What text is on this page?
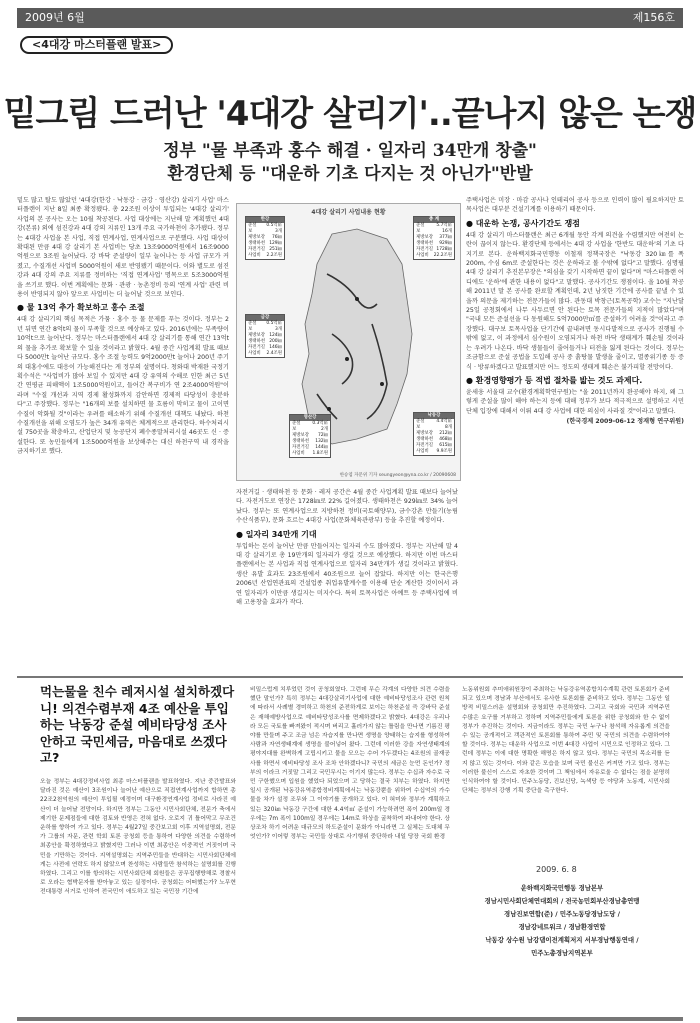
2009년 6월	제156호
<4대강 마스터플랜 발표>
밑그림 드러난 '4대강 살리기'..끝나지 않은 논쟁
정부 "물 부족과 홍수 해결 · 일자리 34만개 창출"
환경단체 등 "대운하 기초 다지는 것 아닌가"반발

밑도 많고 탈도 많았던 '4대강(한강 · 낙동강 · 금강 · 영산강) 살리기 사업' 마스터플랜이 지난 8일 최종 확정됐다. 총 22조원 이상이 투입되는 '4대강 살리기' 사업의 본 공사는 오는 10월 착공된다. 사업 대상에는 지난해 말 계획했던 4대 강(본류) 외에 섬진강과 4대 강의 지류인 13개 주요 국가하천이 추가됐다. 정부는 4대강 사업을 본 사업, 직접 연계사업, 연계사업으로 구분했다. 사업 대상이 확대된 만큼 4대 강 살리기 본 사업비는 당초 13조9000억원에서 16조9000억원으로 3조원 늘어났다. 강 바닥 준설량이 일부 늘어나는 등 사업 규모가 커졌고, 수질개선 사업비 5000억원이 새로 반영됐기 때문이다. 이와 별도로 섬진강과 4대 강의 주요 지류를 정비하는 '직접 연계사업' 명목으로 5조3000억원을 쓰기로 했다. 이번 계획에는 문화 · 관광 · 농촌정비 등의 '연계 사업' 관련 비용이 반영되지 않아 앞으로 사업비는 더 늘어날 것으로 보인다.

● 물 13억 추가 확보하고 홍수 조절

4대 강 살리기의 핵심 목적은 가뭄 · 홍수 등 물 문제를 푸는 것이다. 정부는 2년 뒤면 연간 8억t의 물이 부족할 것으로 예상하고 있다. 2016년에는 부족량이 10억t으로 늘어난다. 정부는 마스터플랜에서 4대 강 살리기를 통해 연간 13억t의 물을 추가로 확보할 수 있을 것이라고 밝혔다. 4월 중간 사업계획 발표 때보다 5000만t 늘어난 규모다. 홍수 조절 능력도 9억2000만t 늘어나 200년 주기의 대홍수에도 대응이 가능해진다는 게 정부의 설명이다. 청와대 박재완 국정기획수석은 "사업비가 많아 보일 수 있지만 4대 강 유역의 수해로 인한 최근 5년간 연평균 피해액이 1조5000억원이고, 들어간 복구비가 연 2조4000억원"이라며 "수질 개선과 지역 경제 활성화까지 감안하면 경제적 타당성이 충분하다"고 주장했다. 정부는 "16개의 보를 설치하면 물 흐름이 막히고 물이 고이면 수질이 악화될 것"이라는 우려를 해소하기 위해 수질개선 대책도 내놨다. 하천 수질개선을 위해 오염도가 높은 34개 유역은 체계적으로 관리한다. 하수처리시설 750곳을 확충하고, 산업단지 및 농공단지 폐수종말처리시설 46곳도 신 · 증설한다. 또 농민들에게 1조5000억원을 보상해주는 대신 하천구역 내 경작을 금지하기로 했다.

4대강 살리기 사업내용 현황
한강
준설 0.5억㎥
보	3개
제방보강 76㎞
생태하천 129㎞
자전거길 251㎞
사업비 2.2조원
총 계
준설	5.7억㎥
보	16개
제방보강 377㎞
생태하천 929㎞
자전거길 1728㎞
사업비 22.2조원
금강
준설 0.5억㎥
보	3개
제방보강 124㎞
생태하천 200㎞
자전거길 146㎞
사업비 2.4조원
영산강
준설	0.3억㎥
보	2개
제방보강 72㎞
생태하천 132㎞
자전거길 144㎞
사업비 1.8조원
낙동강
준설	4.4억㎥
보	8개
제방보강 212㎞
생태하천 468㎞
자전거길 615㎞
사업비 9.9조원
한승엽 자문위 기자 seungyeon@yna.co.kr / 20090608

자전거길 · 생태하천 등 문화 · 레저 공간은 4월 중간 사업계획 발표 때보다 늘어났다. 자전거도로 연장은 1728㎞로 22% 길어졌다. 생태하천은 929㎞로 34% 늘어났다. 정부는 또 연계사업으로 지방하천 정비(국토해양부), 금수강촌 만들기(농림수산식품부), 문화 흐르는 4대강 사업(문화체육관광부) 등을 추진할 예정이다.

● 일자리 34만개 기대

투입하는 돈이 늘어난 만큼 만들어지는 일자리 수도 많아졌다. 정부는 지난해 말 4대 강 살리기로 총 19만개의 일자리가 생길 것으로 예상했다. 하지만 이번 마스터플랜에서는 본 사업과 직접 연계사업으로 일자리 34만개가 생길 것이라고 밝혔다. 생산 유발 효과도 23조원에서 40조원으로 늘어 잡았다. 하지만 이는 한국은행 2006년 산업연관표의 건설업종 취업유발계수를 이용해 단순 계산한 것이어서 과연 일자리가 이만큼 생길지는 미지수다. 특히 토목사업은 아예트 등 주택사업에 비해 고용창출 효과가 작다.

주택사업은 미장 · 마감 공사나 인테리어 공사 등으로 인력이 많이 필요하지만 토목사업은 대부분 건설기계를 이용하기 때문이다.

● 대운하 논쟁, 공사기간도 쟁점

4대 강 살리기 마스터플랜은 최근 6개월 동안 각계 의견을 수렴했지만 여전히 논란이 끊이지 않는다. 환경단체 등에서는 4대 강 사업을 '한반도 대운하'의 기초 다지기로 본다. 운하백지화국민행동 이철재 정책국장은 "낙동강 320㎞를 폭 200m, 수심 6m로 준설한다는 것은 운하라고 볼 수밖에 없다"고 말했다. 심명필 4대 강 살리기 추진본부장은 "의심을 갖기 시작하면 끝이 없다"며 "마스터플랜 어디에도 '운하'에 관한 내용이 없다"고 말했다. 공사기간도 쟁점이다. 올 10월 착공해 2011년 말 본 공사를 완료할 계획인데, 2년 남짓한 기간에 공사를 끝낼 수 있을까 의문을 제기하는 전문가들이 많다. 관동대 박창근(토목공학) 교수는 "지난달 25일 공청회에서 나무 사두르면 안 된다는 토목 전문가들의 지적이 많았다"며 "국내 모든 준설선을 다 동원해도 5억7000만㎥를 준설하기 어려울 것"이라고 주장했다. 대구보 토목사업을 단기간에 끝내려면 동시다발적으로 공사가 진행될 수밖에 없고, 이 과정에서 심수원이 오염되거나 하천 바닥 생태계가 훼손될 것이라는 우려가 나온다. 바닥 생물들이 줄어들거나 터전을 잃게 된다는 것이다. 정부는 조금함으로 준설 공법을 도입해 공사 중 흙탕물 발생을 줄이고, 멸종위기종 등 증식 · 방류하겠다고 발표했지만 어느 정도의 생태계 훼손은 불가피할 전망이다.

● 환경영향평가 등 적법 절차를 밟는 것도 과제다.

윤세웅 서울대 교수(환경계획학연구원)는 "올 2011년까지 완공해야 하지, 왜 그렇게 준설을 많이 해야 하는지 등에 대해 정부가 보다 적극적으로 설명하고 시민단체 입장에 대해서 이뤄 4대 강 사업에 대한 의심이 사라질 것"이라고 말했다.

(한국경제 2009-06-12 정재형 연구위원)

먹는물을 친수 레저시설 설치하겠다니! 의견수렴부재 4조 예산을 투입하는 낙동강 준설 예비타당성 조사 안하고 국민세금, 마음대로 쓰겠다고?

오늘 정부는 4대강정비사업 최종 마스터플랜을 발표하였다. 지난 중간발표와 달라진 것은 예산이 3조원이나 늘어난 예산으로 직접연계사업까지 합하면 총 22조2천억원의 예산이 투입될 예정이며 대구환경연계사업 정비로 사라진 예산이 더 늘어날 전망이다. 하지만 정부는 그동안 시민사회단체, 전문가 축에서 제기한 문제점들에 대한 검토와 반영은 전혀 없다. 오로지 귀 틀어막고 무조건 운하를 향하여 가고 있다. 정부는 4월27일 중간보고회 이후 지역설명회, 전문가 그룹의 자문, 관련 학회 토론 공청회 등을 통하여 다양한 의견을 수렴하여 최종안을 확정하였다고 밝혔지만 그러나 이번 최종안은 이중적인 거짓이며 국민을 기만하는 것이다. 지역설명회는 지역주민들을 반대하는 시민사회단체에게는 사전에 연락도 하지 않았으며 찬성하는 사람들만 참석하는 설명회를 진행하였다. 그리고 이를 항의하는 시민사회단체 회원들은 공무집행방해로 경찰서로 오라는 협박문자를 받아놓고 있는 실정이다. 공청회는 어떠했는가? 노무현 전대통령 서거로 인하여 전국민이 애도하고 있는 국민장 기간에

비밀스럽게 치루었던 것이 공청회였다. 그런데 무슨 각계의 다양한 의견 수렴을 했단 말인가? 특히 정부는 4대강살리기사업에 대한 예비타당성조사 관련 원칙에 따라서 사례별 경미하고 하천의 준전하게로 보이는 하천준설 즉 강바닥 준설은 재해예방사업으로 예비타당성조사를 면제하겠다고 밝혔다. 4대강은 우리나라 모든 국토를 빠져왔이 적시며 버리고 흘러가지 않는 틀림을 만나면 기름진 평야를 만들며 주고 조금 넘은 자습지를 만나면 생명을 양태하는 습지를 형성하여 사람과 자연생태계에 생명을 불어넣어 왔다. 그런데 이러한 강을 자연생태계의 평야지대를 완벽하게 고립시키고 물을 모으는 수어 가두겠다는 4조원의 골재공사를 하면서 예비타당성 조사 조차 안하겠다니? 국민의 세금은 눈먼 돈인가? 정부의 이라크 거짓말 그리고 국민무시는 이기지 많는다. 정부는 수십과 자수로 국민 구한했으며 입원을 했었다 되었으며 고 당하는 결국 치부는 하였다. 하지만 일시 공개된 낙동강유역종합정비계획에서는 낙동강뿐을 위하여 수십억의 가수물을 차가 설정 조무와 그 이야기를 공개하고 있다. 이 혀미와 정부가 계획하고 있는 320㎞ 낙동강 구간에 대한 4.4억㎥ 준설이 가능하려면 폭이 200m일 경우에는 7m 폭이 100m일 경우에는 14m로 하상을 굴착하여 파내어야 한다. 상상조차 하기 어려운 대규모의 하도준설이 문화가 아니라면 그 실체는 도대체 무엇인가? 이어렇 정부는 국민들 상대로 사기행위 중단하라 내일 당장 국회 환경

노동위원회 추미애위원장이 주최하는 낙동강유역종합치수계획 관련 토론회가 준비되고 있으며 경남과 부산에서도 유사한 토론회를 준비하고 있다. 정부는 그동안 일방적 비밀스러운 설명회와 공청회만 추진하였다. 그리고 국회와 국민과 지역주민 수많은 요구를 거부하고 정하며 지역주민들에게 토론을 위한 공청회와 한 수 없이 정부가 추진하는 것이다. 지금이라도 정부는 국민 누구나 참석해 자유롭게 의견을 수 있는 공개적이고 객관적인 토론회를 통하여 주민 및 국민의 의견을 수렴하여야 할 것이다. 정부는 대운하 사업으로 이번 4대강 사업이 시민으로 인정하고 있다. 그런데 정부는 이에 대한 명확한 해명은 하지 않고 있다. 정부는 국민의 목소리를 듣지 않고 있는 것이다. 이와 같은 모습을 보며 국민 불신은 커져만 가고 있다. 정부는 이러한 불신이 스스로 자초한 것이며 그 책임에서 자유로울 수 없다는 점을 분명히 인식하여야 할 것이다. 민주노동당, 진보신당, 녹색당 등 야당과 노동계, 시민사회단체는 정부의 강행 기획 중단을 촉구한다.

2009. 6. 8
운하백지화국민행동 경남본부
경남시민사회단체연대회의 / 전국농민회부산경남총연맹
경남진보연합(준) / 민주노동당경남도당 /
경남강네트워크 / 경남환경연합
낙동강 상수원 남강댐이전계획저지 서부경남행동연대 /
민주노총경남지역본부
